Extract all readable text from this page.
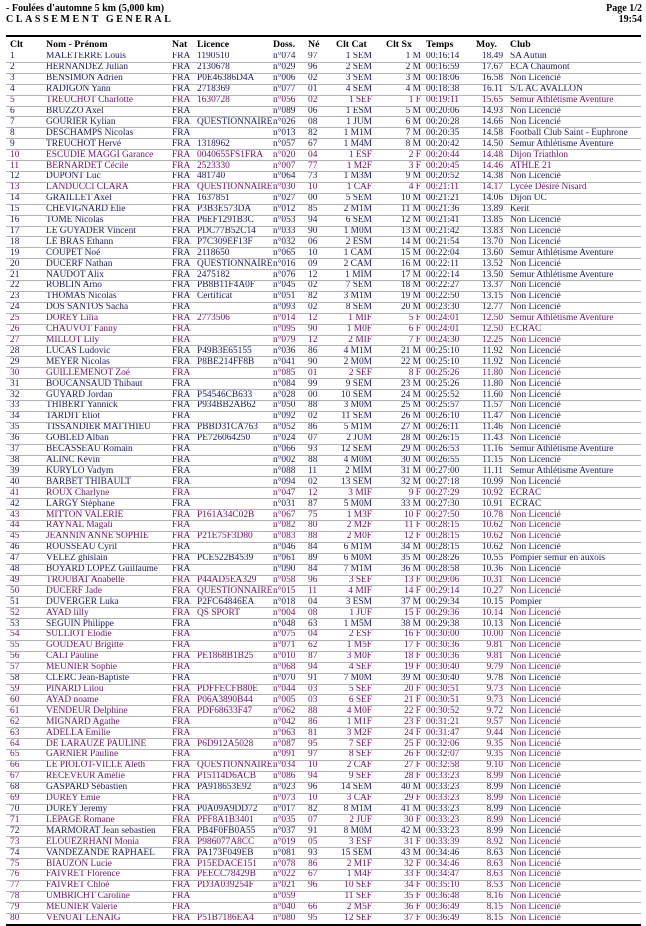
- Foulées d'automne 5 km (5,000 km)
CLASSEMENT GENERAL
Page 1/2
19:54
Clt	Nom - Prénom	Nat	Licence	Doss.	Né	Clt Cat	Clt Sx	Temps	Moy.	Club
1	MALETERRE Louis	FRA	1190510	n°074	97	1 SEM	1 M	00:16:14	18.49	SA Autun
2	HERNANDEZ Julian	FRA	2130678	n°029	96	2 SEM	2 M	00:16:59	17.67	ECA Chaumont
3	BENSIMON Adrien	FRA	P0E46386D4A	n°006	02	3 SEM	3 M	00:18:06	16.58	Non Licencié
4	RADIGON Yann	FRA	2718369	n°077	01	4 SEM	4 M	00:18:38	16.11	S/L AC AVALLON
5	TREUCHOT Charlotte	FRA	1630728	n°056	02	1 SEF	1 F	00:19:11	15.65	Semur Athlétisme Aventure
6	BRUZZO Axel	FRA		n°089	06	1 ESM	5 M	00:20:06	14.93	Non Licencié
7	GOURIER Kylian	FRA	QUESTIONNAIRE	n°026	08	1 JUM	6 M	00:20:28	14.66	Non Licencié
8	DESCHAMPS Nicolas	FRA		n°013	82	1 M1M	7 M	00:20:35	14.58	Football Club Saint - Euphrone
9	TREUCHOT Hervé	FRA	1318962	n°057	67	1 M4M	8 M	00:20:42	14.50	Semur Athlétisme Aventure
10	ESCUDIE MAGGI Garance	FRA	0040655FS1FRA	n°020	04	1 ESF	2 F	00:20:44	14.48	Dijon Triathlon
11	BERNARDET Cécile	FRA	2523330	n°007	77	1 M2F	3 F	00:20:45	14.46	ATHLE 21
12	DUPONT Luc	FRA	481740	n°064	73	1 M3M	9 M	00:20:52	14.38	Non Licencié
13	LANDUCCI CLARA	FRA	QUESTIONNAIRE	n°030	10	1 CAF	4 F	00:21:11	14.17	Lycée Désiré Nisard
14	GRAILLET Axel	FRA	1637851	n°027	00	5 SEM	10 M	00:21:21	14.06	Dijon UC
15	CHEVIGNARD Élie	FRA	P3B3E573DA	n°012	85	2 M1M	11 M	00:21:36	13.89	Kerit
16	TOME Nicolas	FRA	P6EF1291B3C	n°053	94	6 SEM	12 M	00:21:41	13.85	Non Licencié
17	LE GUYADER Vincent	FRA	PDC77B52C14	n°033	90	1 M0M	13 M	00:21:42	13.83	Non Licencié
18	LE BRAS Ethann	FRA	P7C309EF13F	n°032	06	2 ESM	14 M	00:21:54	13.70	Non Licencié
19	COUPET Noé	FRA	2118650	n°065	10	1 CAM	15 M	00:22:04	13.60	Semur Athlétisme Aventure
20	DUCERF Nathan	FRA	QUESTIONNAIRE	n°016	09	2 CAM	16 M	00:22:11	13.52	Non Licencié
21	NAUDOT Alix	FRA	2475182	n°076	12	1 MIM	17 M	00:22:14	13.50	Semur Athlétisme Aventure
22	ROBLIN Arno	FRA	PB8B11F4A0F	n°045	02	7 SEM	18 M	00:22:27	13.37	Non Licencié
23	THOMAS Nicolas	FRA	Certificat	n°051	82	3 M1M	19 M	00:22:50	13.15	Non Licencié
24	DOS SANTOS Sacha	FRA		n°093	02	8 SEM	20 M	00:23:30	12.77	Non Licencié
25	DOREY Lilia	FRA	2773506	n°014	12	1 MIF	5 F	00:24:01	12.50	Semur Athlétisme Aventure
26	CHAUVOT Fanny	FRA		n°095	90	1 M0F	6 F	00:24:01	12.50	ECRAC
27	MILLOT Lily	FRA		n°079	12	2 MIF	7 F	00:24:30	12.25	Non Licencié
28	LUCAS Ludovic	FRA	P49B3E65155	n°036	86	4 M1M	21 M	00:25:10	11.92	Non Licencié
29	MEYER Nicolas	FRA	P8BE214FF8B	n°041	90	2 M0M	22 M	00:25:10	11.92	Non Licencié
30	GUILLEMENOT Zoé	FRA		n°085	01	2 SEF	8 F	00:25:26	11.80	Non Licencié
31	BOUCANSAUD Thibaut	FRA		n°084	99	9 SEM	23 M	00:25:26	11.80	Non Licencié
32	GUYARD Jordan	FRA	P54546CB633	n°028	00	10 SEM	24 M	00:25:52	11.60	Non Licencié
33	THIBERT Yannick	FRA	P934BB2AB62	n°050	88	3 M0M	25 M	00:25:57	11.57	Non Licencié
34	TARDIT Eliot	FRA		n°092	02	11 SEM	26 M	00:26:10	11.47	Non Licencié
35	TISSANDIER MATTHIEU	FRA	PBBD31CA763	n°052	86	5 M1M	27 M	00:26:11	11.46	Non Licencié
36	GOBLED Alban	FRA	PE726064250	n°024	07	2 JUM	28 M	00:26:15	11.43	Non Licencié
37	BECASSEAU Romain	FRA		n°066	93	12 SEM	29 M	00:26:53	11.16	Semur Athlétisme Aventure
38	ALINC Kévin	FRA		n°002	88	4 M0M	30 M	00:26:55	11.15	Non Licencié
39	KURYLO Vadym	FRA		n°088	11	2 MIM	31 M	00:27:00	11.11	Semur Athlétisme Aventure
40	BARBET THIBAULT	FRA		n°094	02	13 SEM	32 M	00:27:18	10.99	Non Licencié
41	ROUX Charlyne	FRA		n°047	12	3 MIF	9 F	00:27:29	10.92	ECRAC
42	LARGY Stéphane	FRA		n°031	87	5 M0M	33 M	00:27:30	10.91	ECRAC
43	MITTON VALERIE	FRA	P161A34C02B	n°067	75	1 M3F	10 F	00:27:50	10.78	Non Licencié
44	RAYNAL Magali	FRA		n°082	80	2 M2F	11 F	00:28:15	10.62	Non Licencié
45	JEANNIN ANNE SOPHIE	FRA	P21E75F3D80	n°083	88	2 M0F	12 F	00:28:15	10.62	Non Licencié
46	ROUSSEAU Cyril	FRA		n°046	84	6 M1M	34 M	00:28:15	10.62	Non Licencié
47	VELEZ ghislain	FRA	PCE522B4539	n°061	89	6 M0M	35 M	00:28:26	10.55	Pompier semur en auxois
48	BOYARD LOPEZ Guillaume	FRA		n°090	84	7 M1M	36 M	00:28:58	10.36	Non Licencié
49	TROUBAT Anabelle	FRA	P44AD5EA329	n°058	96	3 SEF	13 F	00:29:06	10.31	Non Licencié
50	DUCERF Jade	FRA	QUESTIONNAIRE	n°015	11	4 MIF	14 F	00:29:14	10.27	Non Licencié
51	DUVERGER Luka	FRA	P2FC64846EA	n°018	04	3 ESM	37 M	00:29:34	10.15	Pompier
52	AYAD lilly	FRA	QS SPORT	n°004	08	1 JUF	15 F	00:29:36	10.14	Non Licencié
53	SEGUIN Philippe	FRA		n°048	63	1 M5M	38 M	00:29:38	10.13	Non Licencié
54	SULLIOT Elodie	FRA		n°075	04	2 ESF	16 F	00:30:00	10.00	Non Licencié
55	GOUDEAU Brigitte	FRA		n°071	62	1 M5F	17 F	00:30:36	9.81	Non Licencié
56	CALI Pauline	FRA	PE1868B1B25	n°010	87	3 M0F	18 F	00:30:36	9.81	Non Licencié
57	MEUNIER Sophie	FRA		n°068	94	4 SEF	19 F	00:30:40	9.79	Non Licencié
58	CLERC Jean-Baptiste	FRA		n°070	91	7 M0M	39 M	00:30:40	9.78	Non Licencié
59	PINARD Lilou	FRA	PDFFECFB80E	n°044	03	5 SEF	20 F	00:30:51	9.73	Non Licencié
60	AYAD noame	FRA	P06A3890B44	n°005	03	6 SEF	21 F	00:30:51	9.73	Non Licencié
61	VENDEUR Delphine	FRA	PDF68633F47	n°062	88	4 M0F	22 F	00:30:52	9.72	Non Licencié
62	MIGNARD Agathe	FRA		n°042	86	1 M1F	23 F	00:31:21	9.57	Non Licencié
63	ADELLA Emilie	FRA		n°063	81	3 M2F	24 F	00:31:47	9.44	Non Licencié
64	DE LARAUZE PAULINE	FRA	P6D912A5028	n°087	95	7 SEF	25 F	00:32:06	9.35	Non Licencié
65	GARNIER Pauline	FRA		n°091	97	8 SEF	26 F	00:32:07	9.35	Non Licencié
66	LE PIOLOT-VILLE Aleth	FRA	QUESTIONNAIRE	n°034	10	2 CAF	27 F	00:32:58	9.10	Non Licencié
67	RECEVEUR Amélie	FRA	P15114D6ACB	n°086	94	9 SEF	28 F	00:33:23	8.99	Non Licencié
68	GASPARD Sébastien	FRA	PA918653E92	n°023	96	14 SEM	40 M	00:33:23	8.99	Non Licencié
69	DUREY Emie	FRA		n°073	10	3 CAF	29 F	00:33:23	8.99	Non Licencié
70	DUREY Jeremy	FRA	P0A09A9DD72	n°017	82	8 M1M	41 M	00:33:23	8.99	Non Licencié
71	LEPAGE Romane	FRA	PFF8A1B3401	n°035	07	2 JUF	30 F	00:33:23	8.99	Non Licencié
72	MARMORAT Jean sebastien	FRA	PB4F0FB0A55	n°037	91	8 M0M	42 M	00:33:23	8.99	Non Licencié
73	ELOUEZRHANI Monia	FRA	P986077A8CC	n°019	05	3 ESF	31 F	00:33:39	8.92	Non Licencié
74	VANDEZANDE RAPHAEL	FRA	PA173F049EB	n°081	93	15 SEM	43 M	00:34:46	8.63	Non Licencié
75	BIAUZON Lucie	FRA	P15EDACE151	n°078	86	2 M1F	32 F	00:34:46	8.63	Non Licencié
76	FAIVRET Florence	FRA	PEECC78429B	n°022	67	1 M4F	33 F	00:34:47	8.63	Non Licencié
77	FAIVRET Chloé	FRA	PD3A039254F	n°021	96	10 SEF	34 F	00:35:10	8.53	Non Licencié
78	UMBRICHT Caroline	FRA		n°059		11 SEF	35 F	00:36:48	8.16	Non Licencié
79	MEUNIER Valerie	FRA		n°040	66	2 M5F	36 F	00:36:49	8.15	Non Licencié
80	VENUAT LENAIG	FRA	P51B7186EA4	n°080	95	12 SEF	37 F	00:36:49	8.15	Non Licencié
